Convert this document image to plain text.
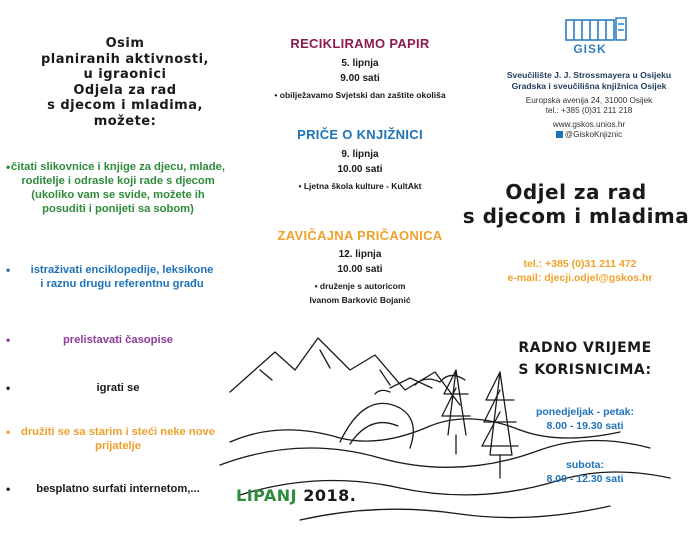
Osim
planiranih aktivnosti,
u igraonici
Odjela za rad
s djecom i mladima,
možete:
• čitati slikovnice i knjige za djecu, mlade, roditelje i odrasle koji rade s djecom (ukoliko vam se svide, možete ih posuditi i ponijeti sa sobom)
• istraživati enciklopedije, leksikone i raznu drugu referentnu građu
•	prelistavati časopise
•	igrati se
• družiti se sa starim i steći neke nove prijatelje
•	besplatno surfati internetom,...
RECIKLIRAMO PAPIR
5. lipnja
9.00 sati
• obilježavamo Svjetski dan zaštite okoliša
PRIČE O KNJIŽNICI
9. lipnja
10.00 sati
• Ljetna škola kulture - KultAkt
ZAVIČAJNA PRIČAONICA
12. lipnja
10.00 sati
• druženje s autoricom
Ivanom Barković Bojanić
LIPANJ 2018.
GISK
Sveučilište J. J. Strossmayera u Osijeku
Gradska i sveučilišna knjižnica Osijek
Europska avenija 24, 31000 Osijek
tel.: +385 (0)31 211 218
www.gskos.unios.hr
@GiskoKnjiznic
Odjel za rad
s djecom i mladima
tel.: +385 (0)31 211 472
e-mail: djecji.odjel@gskos.hr
RADNO VRIJEME
S KORISNICIMA:
ponedjeljak - petak:
8.00 - 19.30 sati
subota:
8.00 - 12.30 sati
